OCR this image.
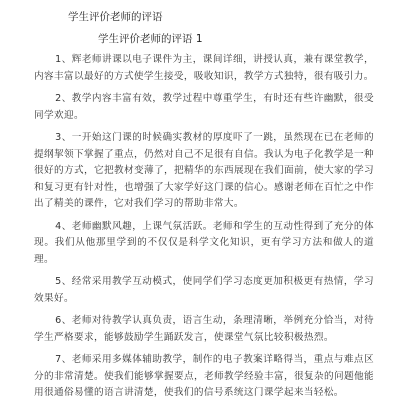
学生评价老师的评语
学生评价老师的评语 1

1、辉老师讲课以电子课件为主，课间详细，讲授认真，兼有课堂教学，内容丰富以最好的方式使学生接受，吸收知识，教学方式独特，很有吸引力。

2、教学内容丰富有效，教学过程中尊重学生，有时还有些许幽默，很受同学欢迎。

3、一开始这门课的时候确实教材的厚度吓了一跳，虽然现在已在老师的提纲挈领下掌握了重点，仍然对自己不足很有自信。我认为电子化教学是一种很好的方式，它把教材变薄了，把精华的东西展现在我们面前，使大家的学习和复习更有针对性，也增强了大家学好这门课的信心。感谢老师在百忙之中作出了精美的课件，它对我们学习的帮助非常大。

4、老师幽默风趣，上课气氛活跃。老师和学生的互动性得到了充分的体现。我们从他那里学到的不仅仅是科学文化知识，更有学习方法和做人的道理。

5、经常采用教学互动模式，使同学们学习态度更加积极更有热情，学习效果好。

6、老师对待教学认真负责，语言生动，条理清晰，举例充分恰当，对待学生严格要求，能够鼓励学生踊跃发言，使课堂气氛比较积极热烈。

7、老师采用多媒体辅助教学，制作的电子教案详略得当，重点与难点区分的非常清楚。使我们能够掌握要点，老师教学经验丰富，很复杂的问题他能用很通俗易懂的语言讲清楚，使我们的信号系统这门课学起来当轻松。
